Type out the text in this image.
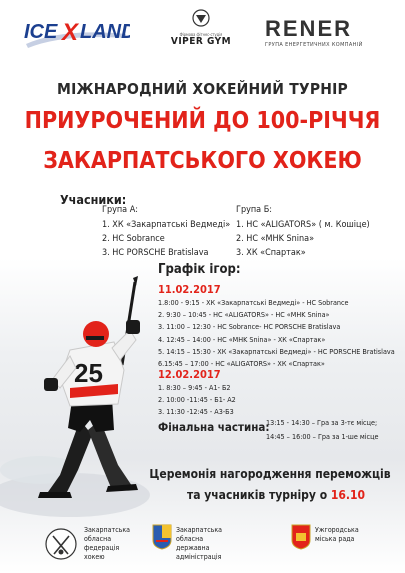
ICE X LAND	Фірмова фітнес-студія
VIPER GYM
RENER
ГРУПА ЕНЕРГЕТИЧНИХ КОМПАНІЙ
МІЖНАРОДНИЙ ХОКЕЙНИЙ ТУРНІР
ПРИУРОЧЕНИЙ ДО 100-РІЧЧЯ
ЗАКАРПАТСЬКОГО ХОКЕЮ
Учасники:
Група А:
1. ХК «Закарпатські Ведмеді»
2. HC Sobrance
3. HC PORSCHE Bratislava
Група Б:
1. НС «ALIGATORS» ( м. Кошіце)
2. НС «MHK Snina»
3. ХК «Спартак»
25
Графік ігор:
11.02.2017
1.8:00 - 9:15 - ХК «Закарпатські Ведмеді» - HC Sobrance
2. 9:30 – 10:45 - НС «ALIGATORS» - НС «MHK Snina»
3. 11:00 – 12:30 - HC Sobrance- HC PORSCHE Bratislava
4. 12:45 – 14:00 - НС «MHK Snina» - ХК «Спартак»
5. 14:15 – 15:30 - ХК «Закарпатські Ведмеді» - HC PORSCHE Bratislava
6.15:45 – 17:00 - НС «ALIGATORS» - ХК «Спартак»
12.02.2017
1. 8:30 – 9:45 - А1- Б2
2. 10:00 -11:45 - Б1- А2
3. 11:30 -12:45 - А3-Б3
Фінальна частина:
13:15 - 14:30 – Гра за 3-тє місце;
14:45 – 16:00 – Гра за 1-ше місце
Церемонія нагородження переможців
та учасників турніру о 16.10
Закарпатська
обласна
федерація хокею
Закарпатська обласна
державна адміністрація
Ужгородська
міська рада
